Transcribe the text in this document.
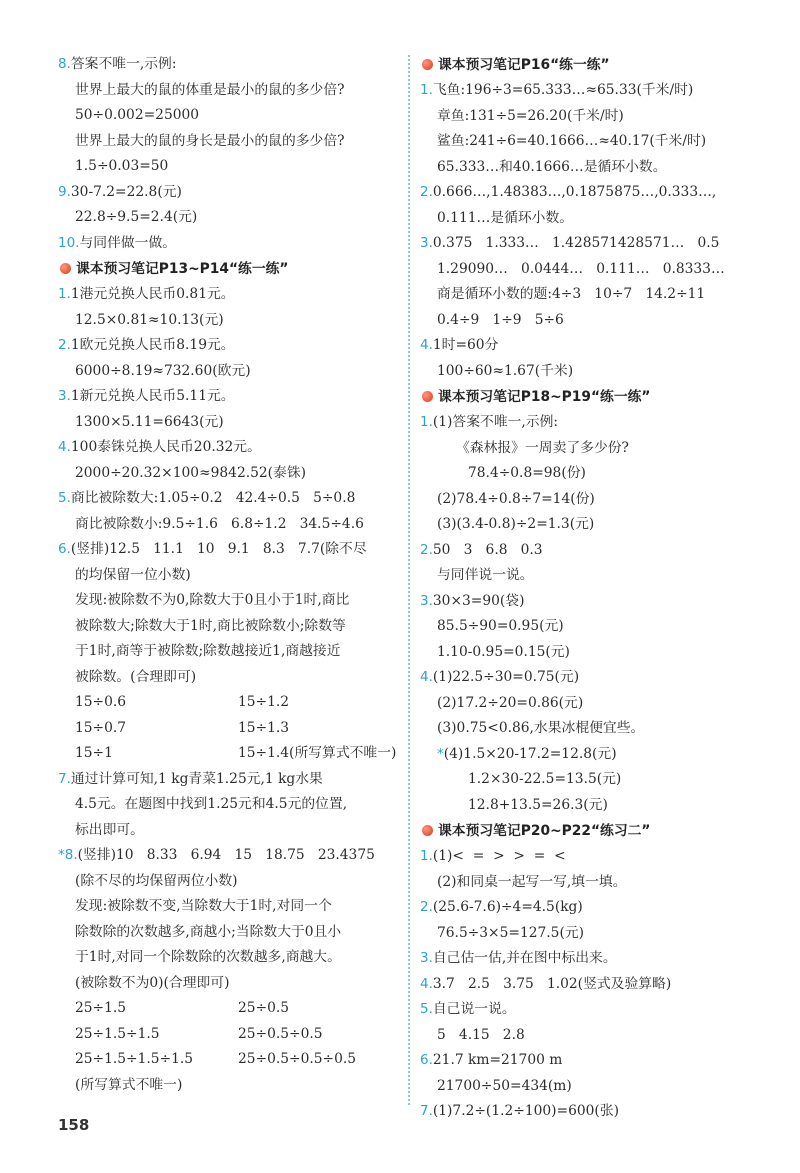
8.答案不唯一,示例:
世界上最大的鼠的体重是最小的鼠的多少倍?
50÷0.002=25000
世界上最大的鼠的身长是最小的鼠的多少倍?
1.5÷0.03=50
9.30-7.2=22.8(元)
22.8÷9.5=2.4(元)
10.与同伴做一做。
课本预习笔记P13~P14“练一练”
1.1港元兑换人民币0.81元。
12.5×0.81≈10.13(元)
2.1欧元兑换人民币8.19元。
6000÷8.19≈732.60(欧元)
3.1新元兑换人民币5.11元。
1300×5.11=6643(元)
4.100泰铢兑换人民币20.32元。
2000÷20.32×100≈9842.52(泰铢)
5.商比被除数大:1.05÷0.2   42.4÷0.5   5÷0.8
商比被除数小:9.5÷1.6   6.8÷1.2   34.5÷4.6
6.(竖排)12.5   11.1   10   9.1   8.3   7.7(除不尽
的均保留一位小数)
发现:被除数不为0,除数大于0且小于1时,商比
被除数大;除数大于1时,商比被除数小;除数等
于1时,商等于被除数;除数越接近1,商越接近
被除数。(合理即可)
15÷0.6	15÷1.2
15÷0.7	15÷1.3
15÷1	15÷1.4(所写算式不唯一)
7.通过计算可知,1 kg青菜1.25元,1 kg水果
4.5元。在题图中找到1.25元和4.5元的位置,
标出即可。
*8.(竖排)10   8.33   6.94   15   18.75   23.4375
(除不尽的均保留两位小数)
发现:被除数不变,当除数大于1时,对同一个
除数除的次数越多,商越小;当除数大于0且小
于1时,对同一个除数除的次数越多,商越大。
(被除数不为0)(合理即可)
25÷1.5	25÷0.5
25÷1.5÷1.5	25÷0.5÷0.5
25÷1.5÷1.5÷1.5	25÷0.5÷0.5÷0.5
(所写算式不唯一)
课本预习笔记P16“练一练”
1.飞鱼:196÷3=65.333…≈65.33(千米/时)
章鱼:131÷5=26.20(千米/时)
鲨鱼:241÷6=40.1666…≈40.17(千米/时)
65.333…和40.1666…是循环小数。
2.0.666…,1.48383…,0.1875875…,0.333…,
0.111…是循环小数。
3.0.375   1.333…   1.428571428571…   0.5
1.29090…   0.0444…   0.111…   0.8333…
商是循环小数的题:4÷3   10÷7   14.2÷11
0.4÷9   1÷9   5÷6
4.1时=60分
100÷60≈1.67(千米)
课本预习笔记P18~P19“练一练”
1.(1)答案不唯一,示例:
《森林报》一周卖了多少份?
78.4÷0.8=98(份)
(2)78.4÷0.8÷7=14(份)
(3)(3.4-0.8)÷2=1.3(元)
2.50   3   6.8   0.3
与同伴说一说。
3.30×3=90(袋)
85.5÷90=0.95(元)
1.10-0.95=0.15(元)
4.(1)22.5÷30=0.75(元)
(2)17.2÷20=0.86(元)
(3)0.75<0.86,水果冰棍便宜些。
*(4)1.5×20-17.2=12.8(元)
1.2×30-22.5=13.5(元)
12.8+13.5=26.3(元)
课本预习笔记P20~P22“练习二”
1.(1)<  =  >  >  =  <
(2)和同桌一起写一写,填一填。
2.(25.6-7.6)÷4=4.5(kg)
76.5÷3×5=127.5(元)
3.自己估一估,并在图中标出来。
4.3.7   2.5   3.75   1.02(竖式及验算略)
5.自己说一说。
5   4.15   2.8
6.21.7 km=21700 m
21700÷50=434(m)
7.(1)7.2÷(1.2÷100)=600(张)
158
